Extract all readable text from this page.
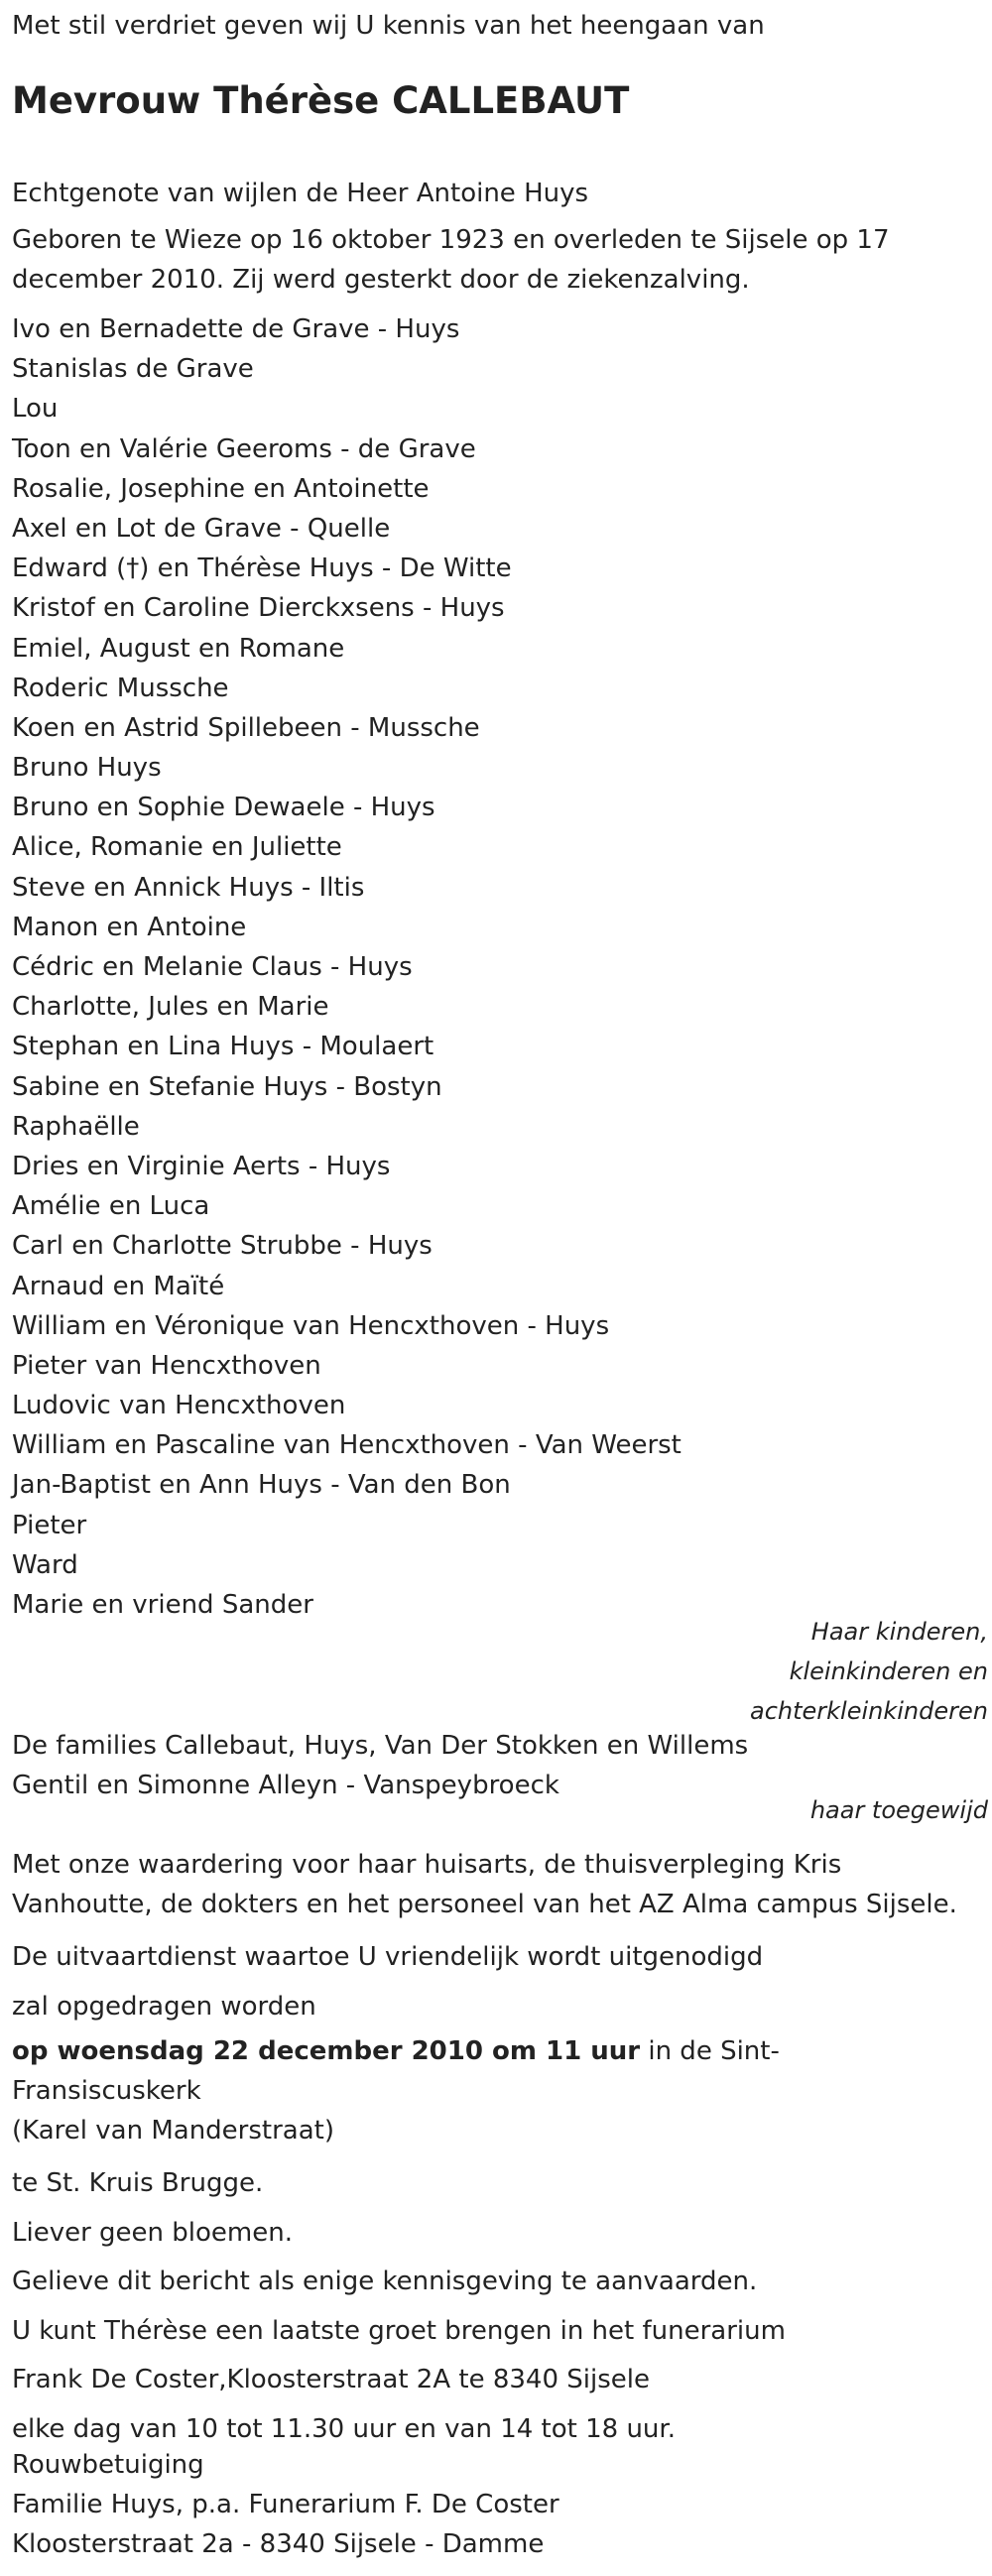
Met stil verdriet geven wij U kennis van het heengaan van
Mevrouw Thérèse CALLEBAUT
Echtgenote van wijlen de Heer Antoine Huys
Geboren te Wieze op 16 oktober 1923 en overleden te Sijsele op 17 december 2010. Zij werd gesterkt door de ziekenzalving.
Ivo en Bernadette de Grave - Huys
Stanislas de Grave
Lou
Toon en Valérie Geeroms - de Grave
Rosalie, Josephine en Antoinette
Axel en Lot de Grave - Quelle
Edward (†) en Thérèse Huys - De Witte
Kristof en Caroline Dierckxsens - Huys
Emiel, August en Romane
Roderic Mussche
Koen en Astrid Spillebeen - Mussche
Bruno Huys
Bruno en Sophie Dewaele - Huys
Alice, Romanie en Juliette
Steve en Annick Huys - Iltis
Manon en Antoine
Cédric en Melanie Claus - Huys
Charlotte, Jules en Marie
Stephan en Lina Huys - Moulaert
Sabine en Stefanie Huys - Bostyn
Raphaëlle
Dries en Virginie Aerts - Huys
Amélie en Luca
Carl en Charlotte Strubbe - Huys
Arnaud en Maïté
William en Véronique van Hencxthoven - Huys
Pieter van Hencxthoven
Ludovic van Hencxthoven
William en Pascaline van Hencxthoven - Van Weerst
Jan-Baptist en Ann Huys - Van den Bon
Pieter
Ward
Marie en vriend Sander
Haar kinderen,
kleinkinderen en
achterkleinkinderen
De families Callebaut, Huys, Van Der Stokken en Willems
Gentil en Simonne Alleyn - Vanspeybroeck
haar toegewijd
Met onze waardering voor haar huisarts, de thuisverpleging Kris Vanhoutte, de dokters en het personeel van het AZ Alma campus Sijsele.
De uitvaartdienst waartoe U vriendelijk wordt uitgenodigd
zal opgedragen worden
op woensdag 22 december 2010 om 11 uur in de Sint-Fransiscuskerk
(Karel van Manderstraat)
te St. Kruis Brugge.
Liever geen bloemen.
Gelieve dit bericht als enige kennisgeving te aanvaarden.
U kunt Thérèse een laatste groet brengen in het funerarium
Frank De Coster,Kloosterstraat 2A te 8340 Sijsele
elke dag van 10 tot 11.30 uur en van 14 tot 18 uur.
Rouwbetuiging
Familie Huys, p.a. Funerarium F. De Coster
Kloosterstraat 2a - 8340 Sijsele - Damme
